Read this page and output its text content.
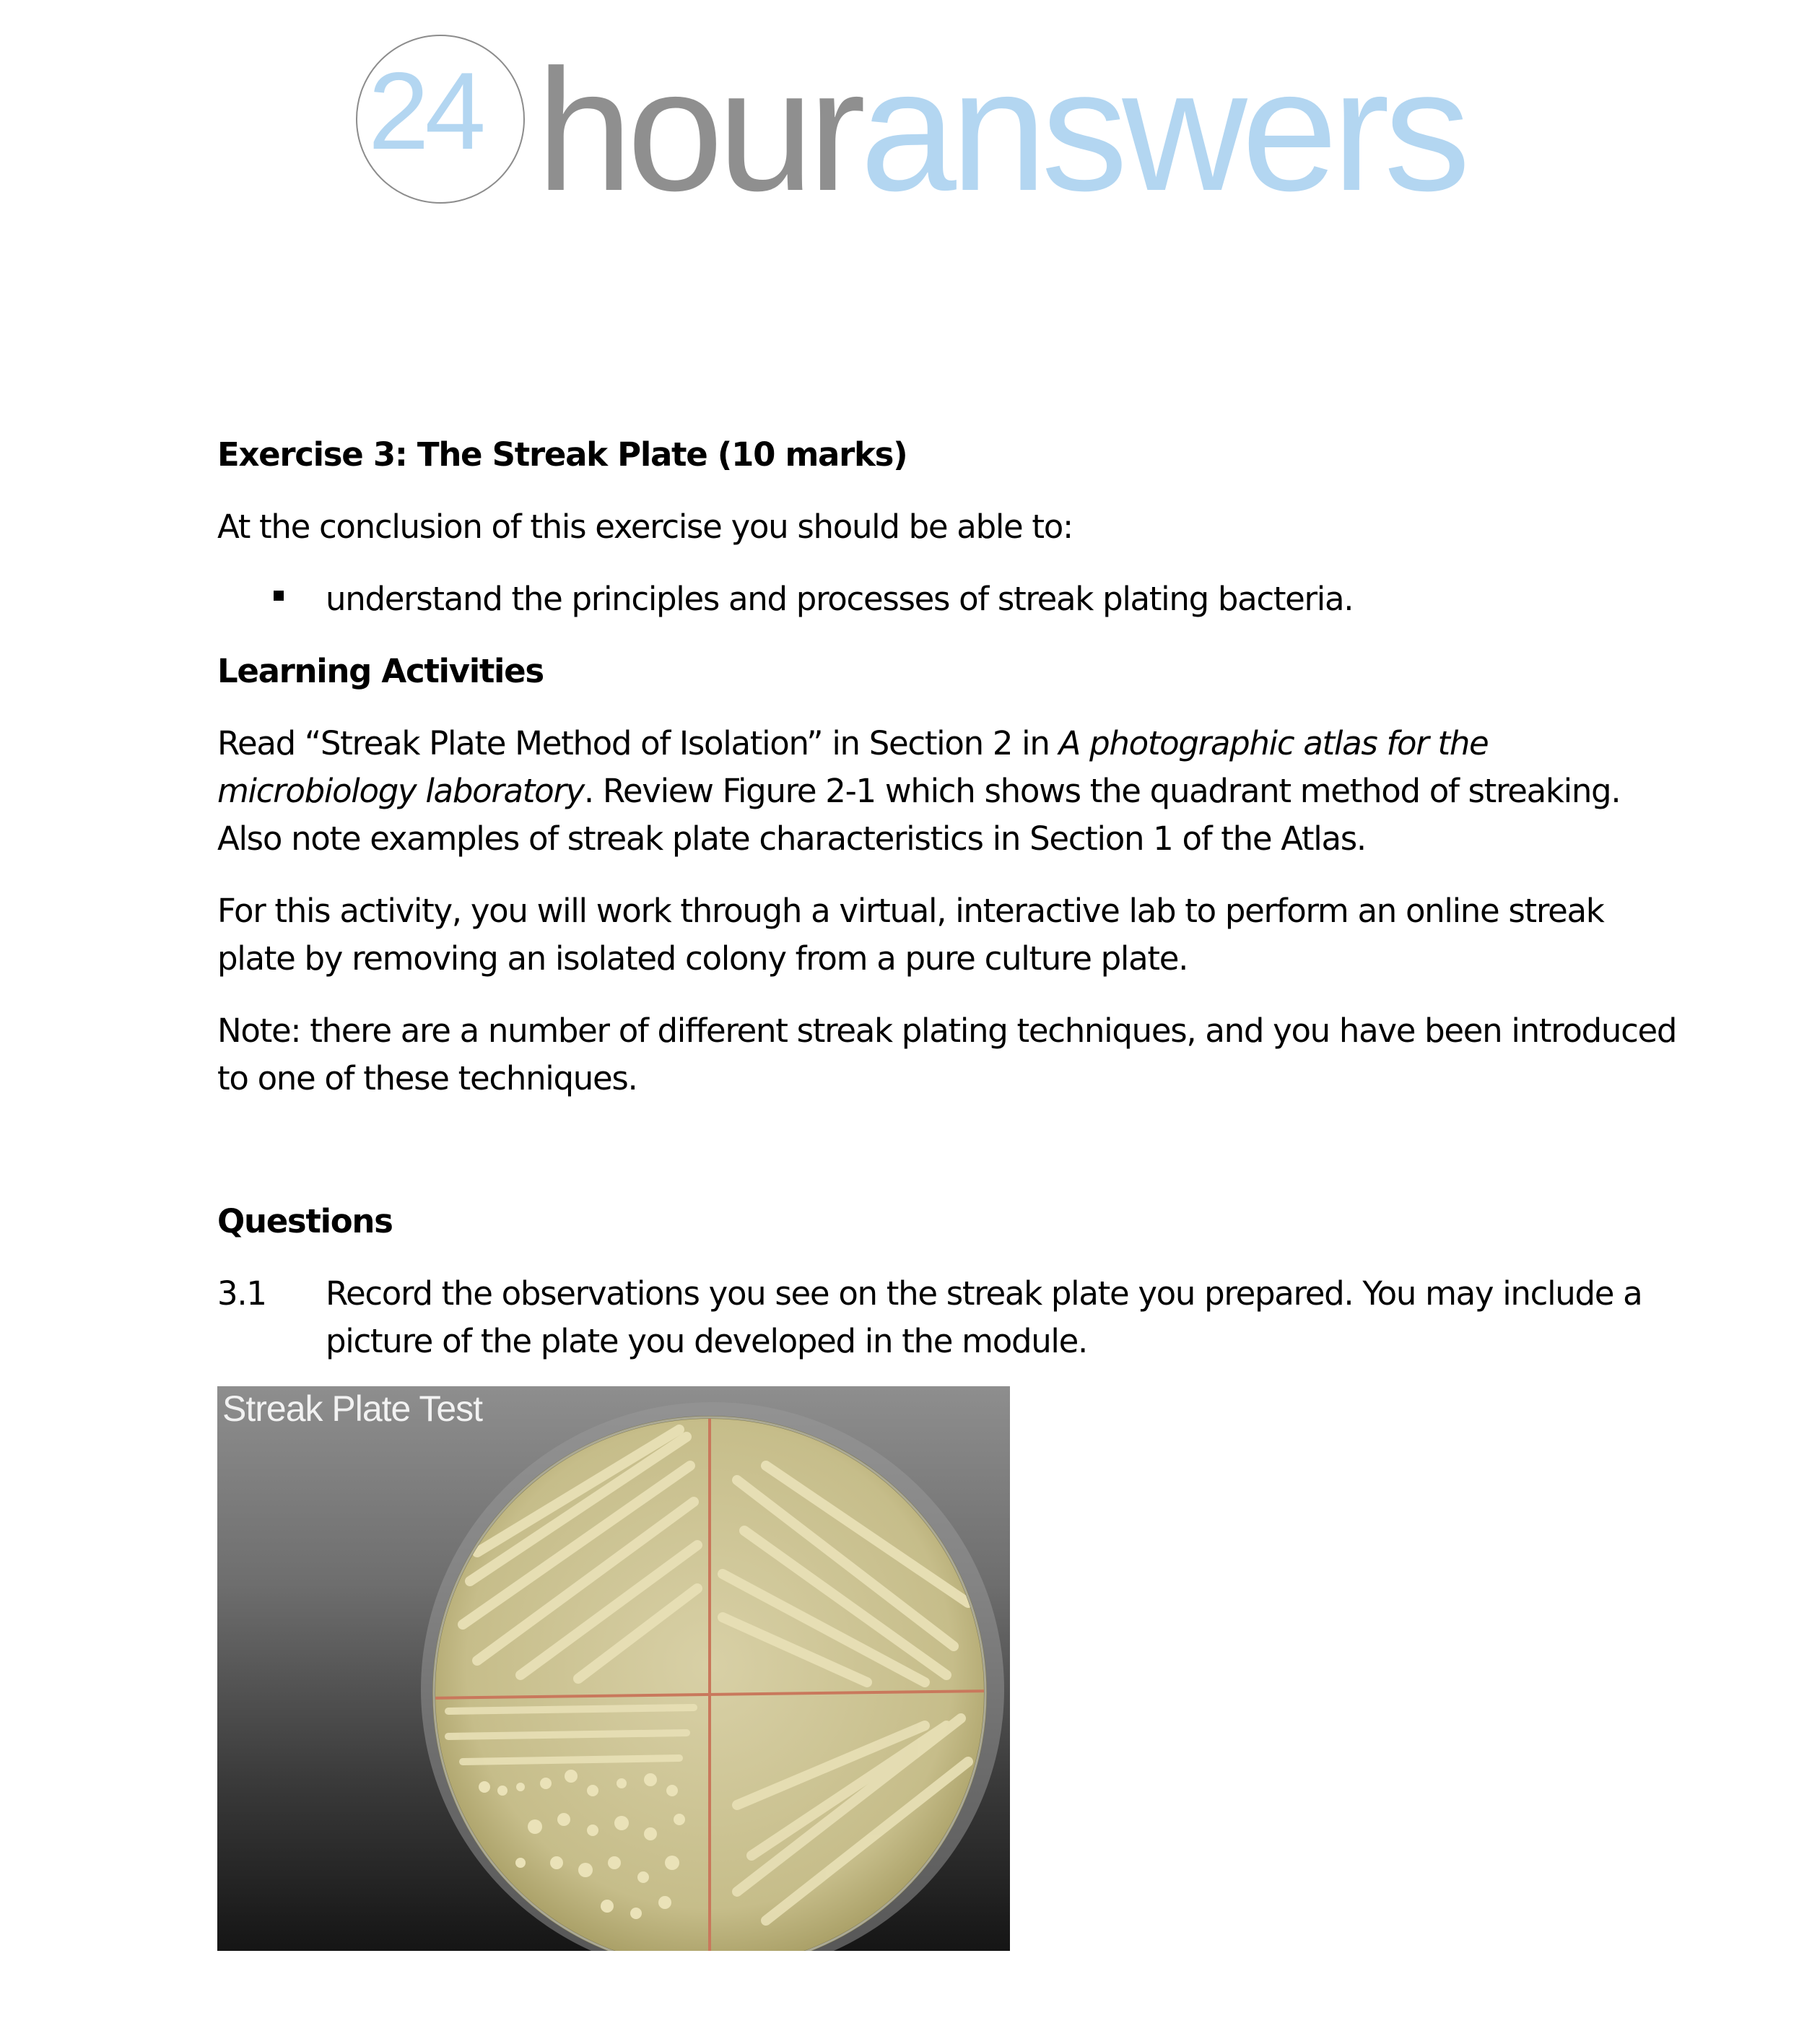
24 houranswers
Exercise 3: The Streak Plate (10 marks)
At the conclusion of this exercise you should be able to:
understand the principles and processes of streak plating bacteria.
Learning Activities
Read “Streak Plate Method of Isolation” in Section 2 in A photographic atlas for the
microbiology laboratory. Review Figure 2-1 which shows the quadrant method of streaking.
Also note examples of streak plate characteristics in Section 1 of the Atlas.
For this activity, you will work through a virtual, interactive lab to perform an online streak
plate by removing an isolated colony from a pure culture plate.
Note: there are a number of different streak plating techniques, and you have been introduced
to one of these techniques.
Questions
3.1 Record the observations you see on the streak plate you prepared. You may include a
picture of the plate you developed in the module.
Streak Plate Test
